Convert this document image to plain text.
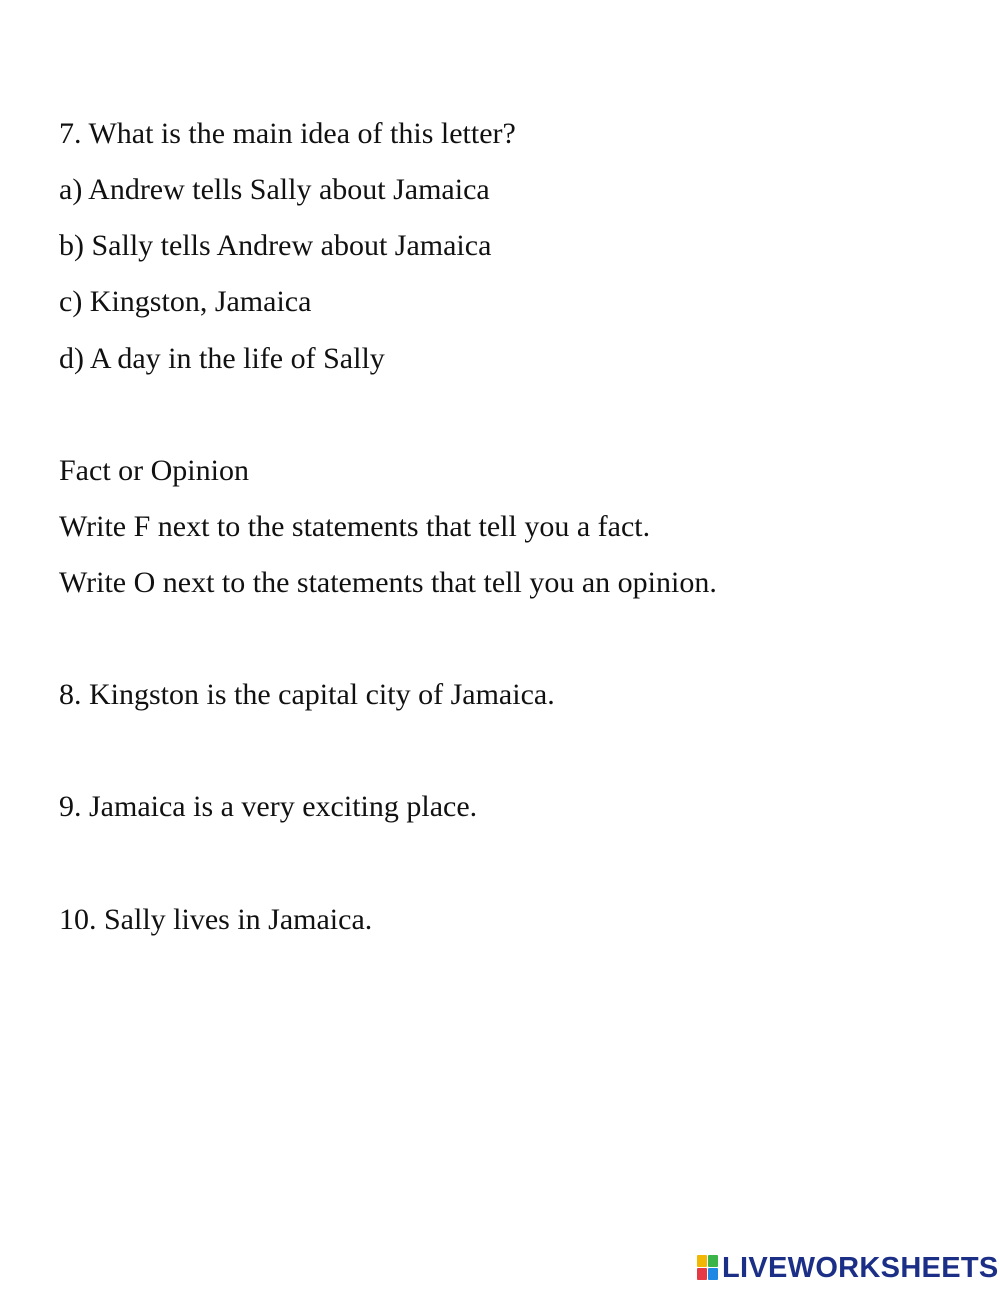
7. What is the main idea of this letter?
a) Andrew tells Sally about Jamaica
b) Sally tells Andrew about Jamaica
c) Kingston, Jamaica
d) A day in the life of Sally
Fact or Opinion
Write F next to the statements that tell you a fact.
Write O next to the statements that tell you an opinion.
8. Kingston is the capital city of Jamaica.
9. Jamaica is a very exciting place.
10. Sally lives in Jamaica.
LIVEWORKSHEETS
